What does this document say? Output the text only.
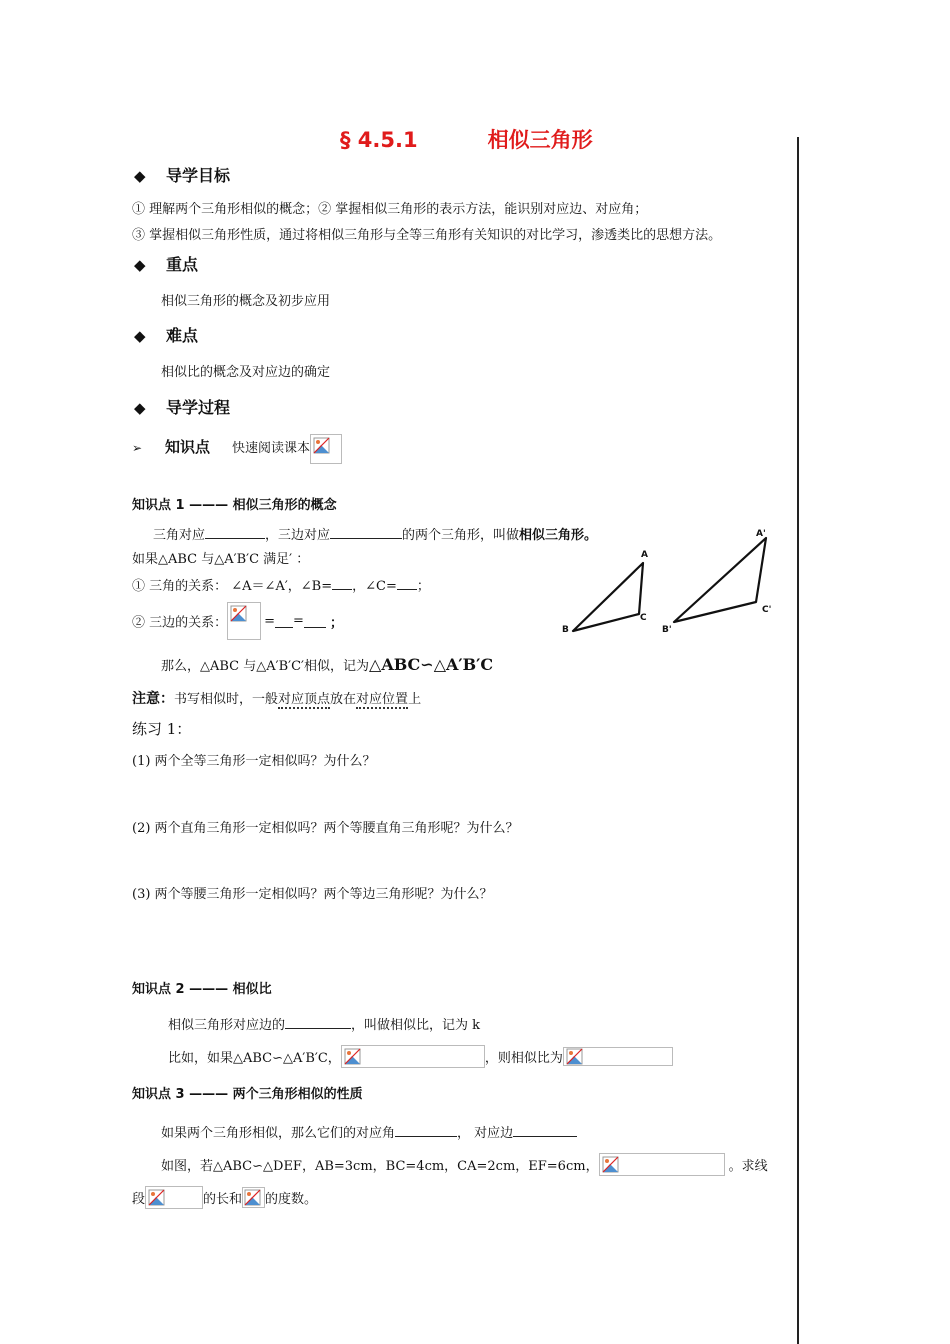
§ 4.5.1	相似三角形
◆ 导学目标
① 理解两个三角形相似的概念；② 掌握相似三角形的表示方法，能识别对应边、对应角；
③ 掌握相似三角形性质，通过将相似三角形与全等三角形有关知识的对比学习，渗透类比的思想方法。
◆ 重点
相似三角形的概念及初步应用
◆ 难点
相似比的概念及对应边的确定
◆ 导学过程
➢ 知识点 快速阅读课本
知识点 1 ——— 相似三角形的概念
三角对应	，三边对应	的两个三角形，叫做相似三角形。
如果△ABC 与△A′B′C 满足′ ：
① 三角的关系： ∠A＝∠A′，∠B= ，∠C= ；
② 三边的关系：	= = ；
A
B
C
A'
B'
C'
那么，△ABC 与△A′B′C′相似，记为△ABC∽△A′B′C
注意：书写相似时，一般对应顶点放在对应位置上
练习 1：
(1) 两个全等三角形一定相似吗？为什么？
(2) 两个直角三角形一定相似吗？两个等腰直角三角形呢？为什么？
(3) 两个等腰三角形一定相似吗？两个等边三角形呢？为什么？
知识点 2 ——— 相似比
相似三角形对应边的	，叫做相似比，记为 k
比如，如果△ABC∽△A′B′C，	，则相似比为
知识点 3 ——— 两个三角形相似的性质
如果两个三角形相似，那么它们的对应角	， 对应边
如图，若△ABC∽△DEF，AB=3cm，BC=4cm，CA=2cm，EF=6cm，	。求线
段	的长和 的度数。
